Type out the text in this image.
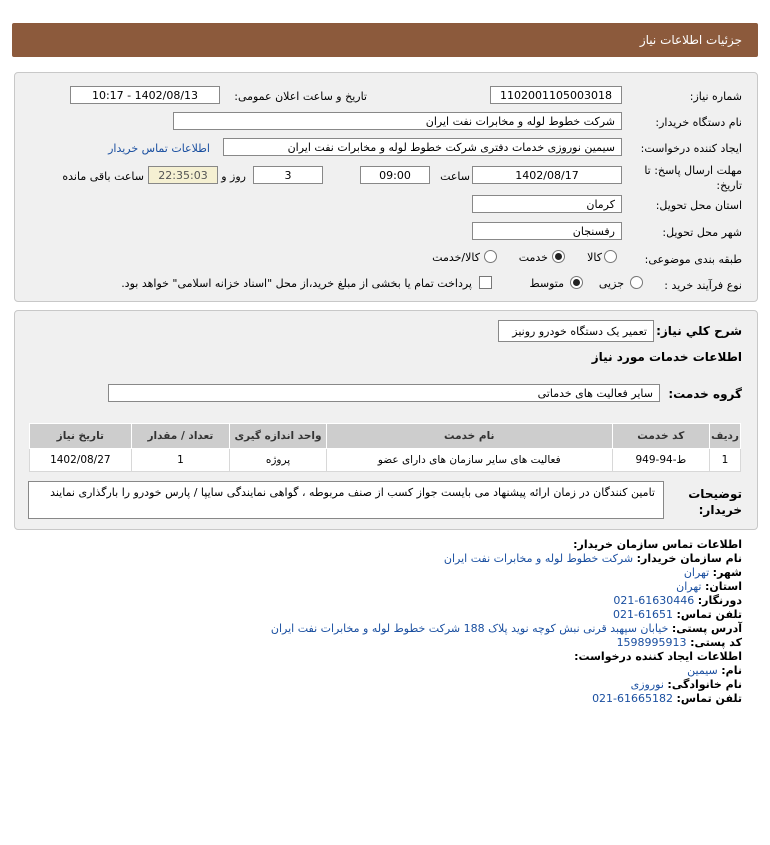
جزئیات اطلاعات نیاز
شماره نیاز:
1102001105003018
تاریخ و ساعت اعلان عمومی:
1402/08/13 - 10:17
نام دستگاه خریدار:
شرکت خطوط لوله و مخابرات نفت ایران
ایجاد کننده درخواست:
سیمین نوروزی خدمات دفتری شرکت خطوط لوله و مخابرات نفت ایران
اطلاعات تماس خریدار
مهلت ارسال پاسخ: تا
تاریخ:
1402/08/17
ساعت
09:00
3
روز و
22:35:03
ساعت باقی مانده
استان محل تحویل:
کرمان
شهر محل تحویل:
رفسنجان
طبقه بندی موضوعی:
کالا
خدمت
کالا/خدمت
نوع فرآیند خرید :
جزیی
متوسط
پرداخت تمام یا بخشی از مبلغ خرید،از محل "اسناد خزانه اسلامی" خواهد بود.
شرح کلي نیاز:
تعمیر یک دستگاه خودرو رونیز
اطلاعات خدمات مورد نیاز
گروه خدمت:
سایر فعالیت های خدماتی
ردیف	کد خدمت	نام خدمت	واحد اندازه گیری	تعداد / مقدار	تاریخ نیاز
1	ط-94-949	فعالیت های سایر سازمان های دارای عضو	پروژه	1	1402/08/27
توضیحات
خریدار:
تامین کنندگان در زمان ارائه پیشنهاد می بایست جواز کسب از صنف مربوطه ، گواهی نمایندگی سایپا / پارس خودرو را بارگذاری نمایند
اطلاعات تماس سازمان خریدار:
نام سازمان خریدار: شرکت خطوط لوله و مخابرات نفت ایران
شهر: تهران
استان: تهران
دورنگار: 021-61630446
تلفن تماس: 021-61651
آدرس پستی: خیابان سپهبد قرنی نبش کوچه نوید پلاک 188 شرکت خطوط لوله و مخابرات نفت ایران
کد پستی: 1598995913
اطلاعات ایجاد کننده درخواست:
نام: سیمین
نام خانوادگی: نوروزی
تلفن تماس: 021-61665182
